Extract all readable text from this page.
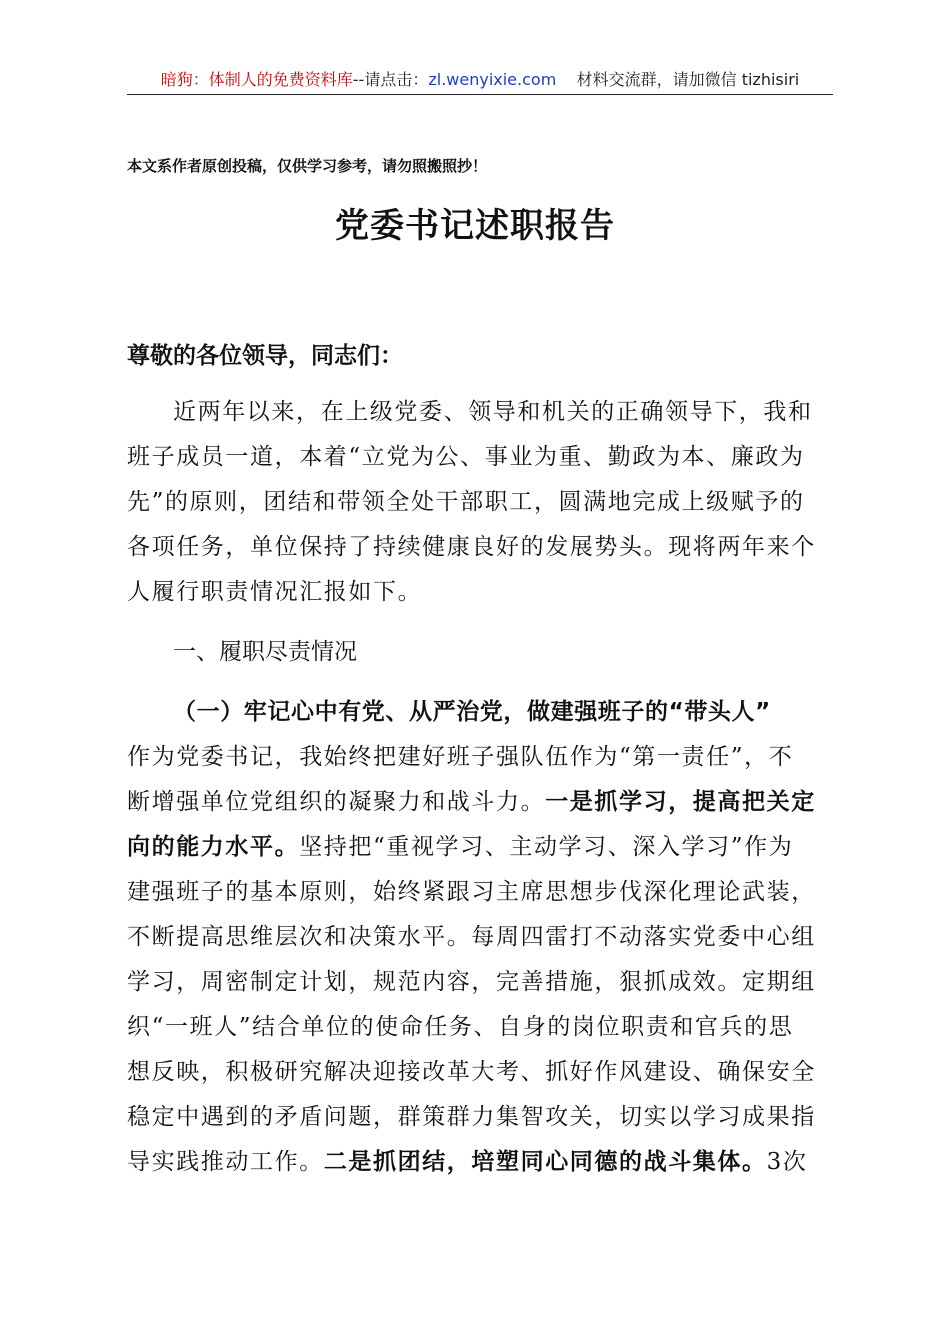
暗狗：体制人的免费资料库--请点击：zl.wenyixie.com 材料交流群，请加微信 tizhisiri
本文系作者原创投稿，仅供学习参考，请勿照搬照抄！
党委书记述职报告
尊敬的各位领导，同志们：
近两年以来，在上级党委、领导和机关的正确领导下，我和
班子成员一道，本着“立党为公、事业为重、勤政为本、廉政为
先”的原则，团结和带领全处干部职工，圆满地完成上级赋予的
各项任务，单位保持了持续健康良好的发展势头。现将两年来个
人履行职责情况汇报如下。
一、履职尽责情况
（一）牢记心中有党、从严治党，做建强班子的“带头人”
作为党委书记，我始终把建好班子强队伍作为“第一责任”，不
断增强单位党组织的凝聚力和战斗力。一是抓学习，提高把关定
向的能力水平。坚持把“重视学习、主动学习、深入学习”作为
建强班子的基本原则，始终紧跟习主席思想步伐深化理论武装，
不断提高思维层次和决策水平。每周四雷打不动落实党委中心组
学习，周密制定计划，规范内容，完善措施，狠抓成效。定期组
织“一班人”结合单位的使命任务、自身的岗位职责和官兵的思
想反映，积极研究解决迎接改革大考、抓好作风建设、确保安全
稳定中遇到的矛盾问题，群策群力集智攻关，切实以学习成果指
导实践推动工作。二是抓团结，培塑同心同德的战斗集体。3次
